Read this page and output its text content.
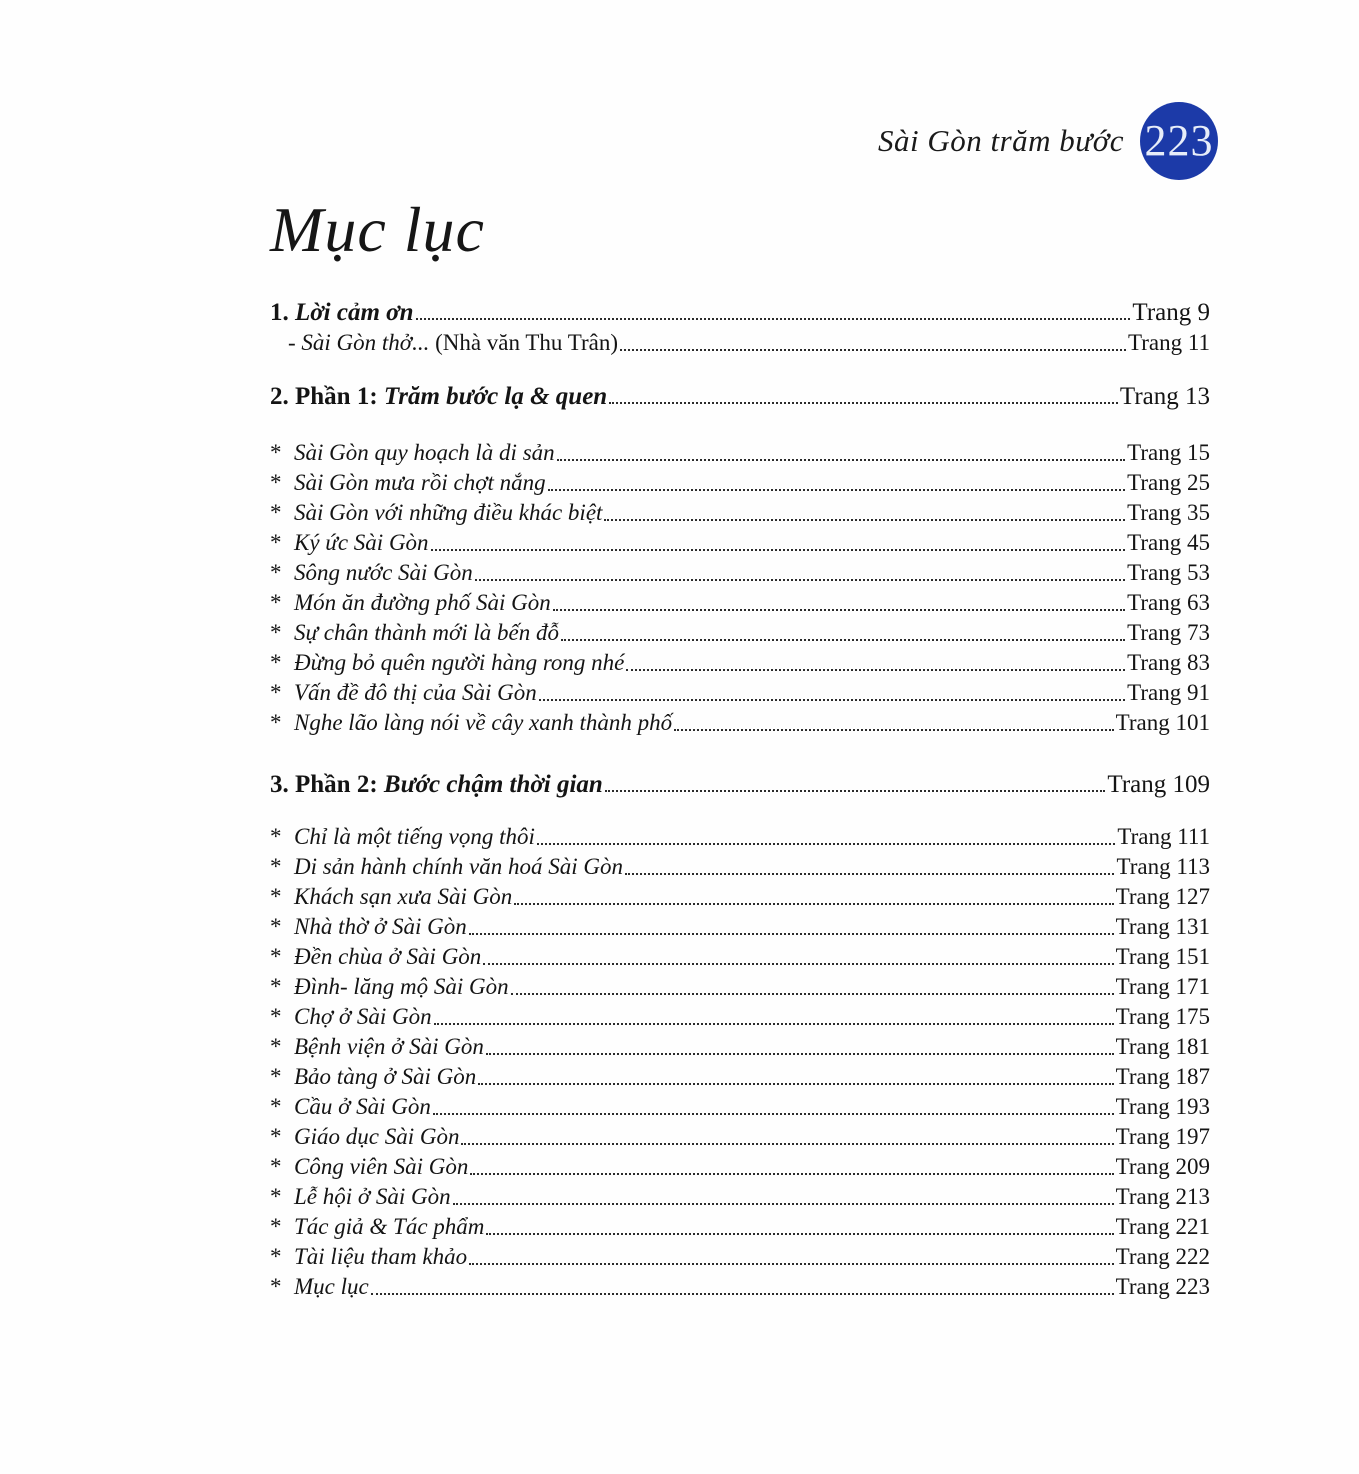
Sài Gòn trăm bước 223
Mục lục
1. Lời cảm ơn	Trang 9
- Sài Gòn thở... (Nhà văn Thu Trân)	Trang 11
2. Phần 1: Trăm bước lạ & quen	Trang 13
* Sài Gòn quy hoạch là di sản	Trang 15
* Sài Gòn mưa rồi chợt nắng	Trang 25
* Sài Gòn với những điều khác biệt	Trang 35
* Ký ức Sài Gòn	Trang 45
* Sông nước Sài Gòn	Trang 53
* Món ăn đường phố Sài Gòn	Trang 63
* Sự chân thành mới là bến đỗ	Trang 73
* Đừng bỏ quên người hàng rong nhé	Trang 83
* Vấn đề đô thị của Sài Gòn	Trang 91
* Nghe lão làng nói về cây xanh thành phố	Trang 101
3. Phần 2: Bước chậm thời gian	Trang 109
* Chỉ là một tiếng vọng thôi	Trang 111
* Di sản hành chính văn hoá Sài Gòn	Trang 113
* Khách sạn xưa Sài Gòn	Trang 127
* Nhà thờ ở Sài Gòn	Trang 131
* Đền chùa ở Sài Gòn	Trang 151
* Đình- lăng mộ Sài Gòn	Trang 171
* Chợ ở Sài Gòn	Trang 175
* Bệnh viện ở Sài Gòn	Trang 181
* Bảo tàng ở Sài Gòn	Trang 187
* Cầu ở Sài Gòn	Trang 193
* Giáo dục Sài Gòn	Trang 197
* Công viên Sài Gòn	Trang 209
* Lễ hội ở Sài Gòn	Trang 213
* Tác giả & Tác phẩm	Trang 221
* Tài liệu tham khảo	Trang 222
* Mục lục	Trang 223
